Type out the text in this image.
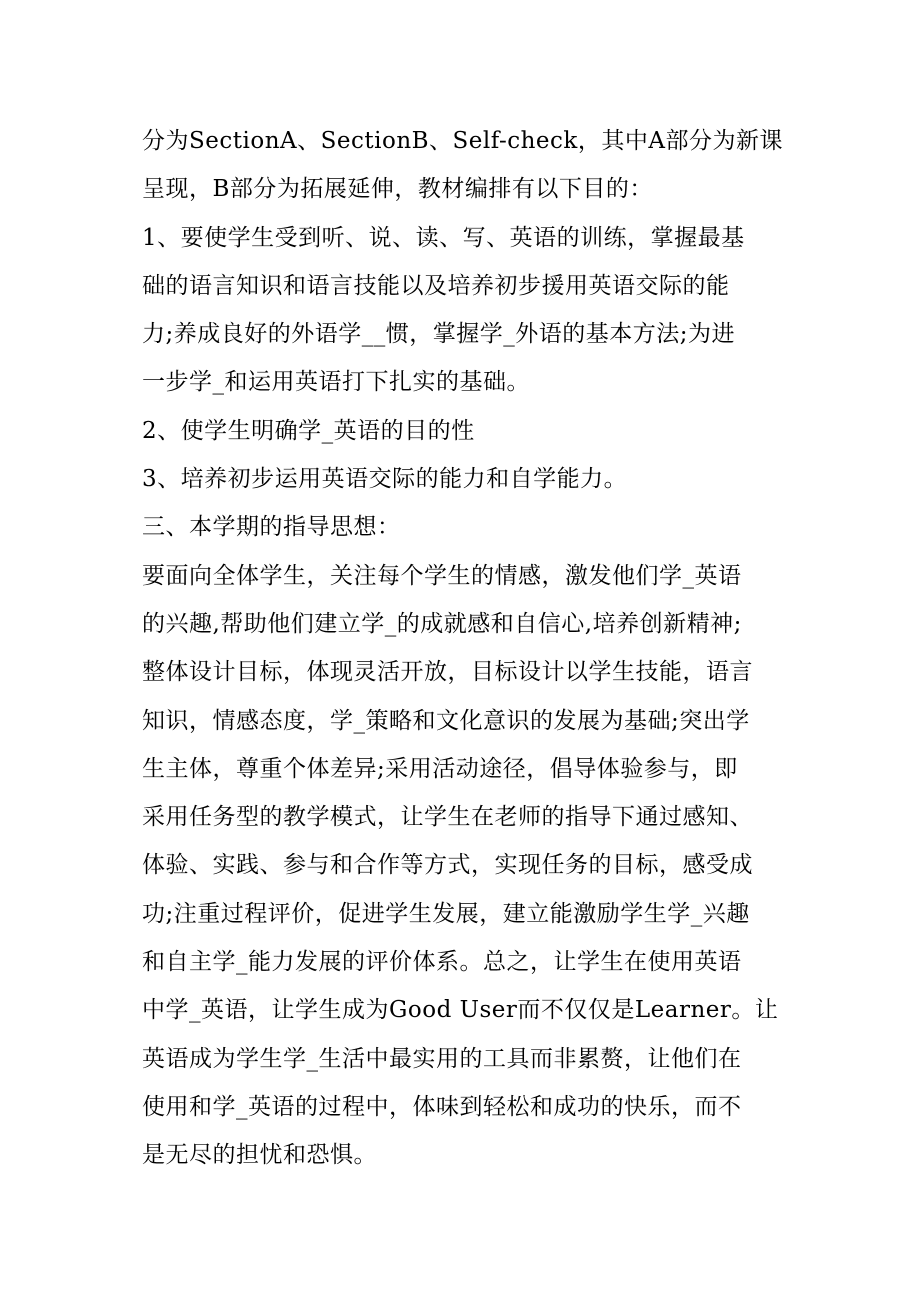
分为SectionA、SectionB、Self-check，其中A部分为新课
呈现，B部分为拓展延伸，教材编排有以下目的：
1、要使学生受到听、说、读、写、英语的训练，掌握最基
础的语言知识和语言技能以及培养初步援用英语交际的能
力;养成良好的外语学__惯，掌握学_外语的基本方法;为进
一步学_和运用英语打下扎实的基础。
2、使学生明确学_英语的目的性
3、培养初步运用英语交际的能力和自学能力。
三、本学期的指导思想：
要面向全体学生，关注每个学生的情感，激发他们学_英语
的兴趣,帮助他们建立学_的成就感和自信心,培养创新精神;
整体设计目标，体现灵活开放，目标设计以学生技能，语言
知识，情感态度，学_策略和文化意识的发展为基础;突出学
生主体，尊重个体差异;采用活动途径，倡导体验参与，即
采用任务型的教学模式，让学生在老师的指导下通过感知、
体验、实践、参与和合作等方式，实现任务的目标，感受成
功;注重过程评价，促进学生发展，建立能激励学生学_兴趣
和自主学_能力发展的评价体系。总之，让学生在使用英语
中学_英语，让学生成为Good User而不仅仅是Learner。让
英语成为学生学_生活中最实用的工具而非累赘，让他们在
使用和学_英语的过程中，体味到轻松和成功的快乐，而不
是无尽的担忧和恐惧。
